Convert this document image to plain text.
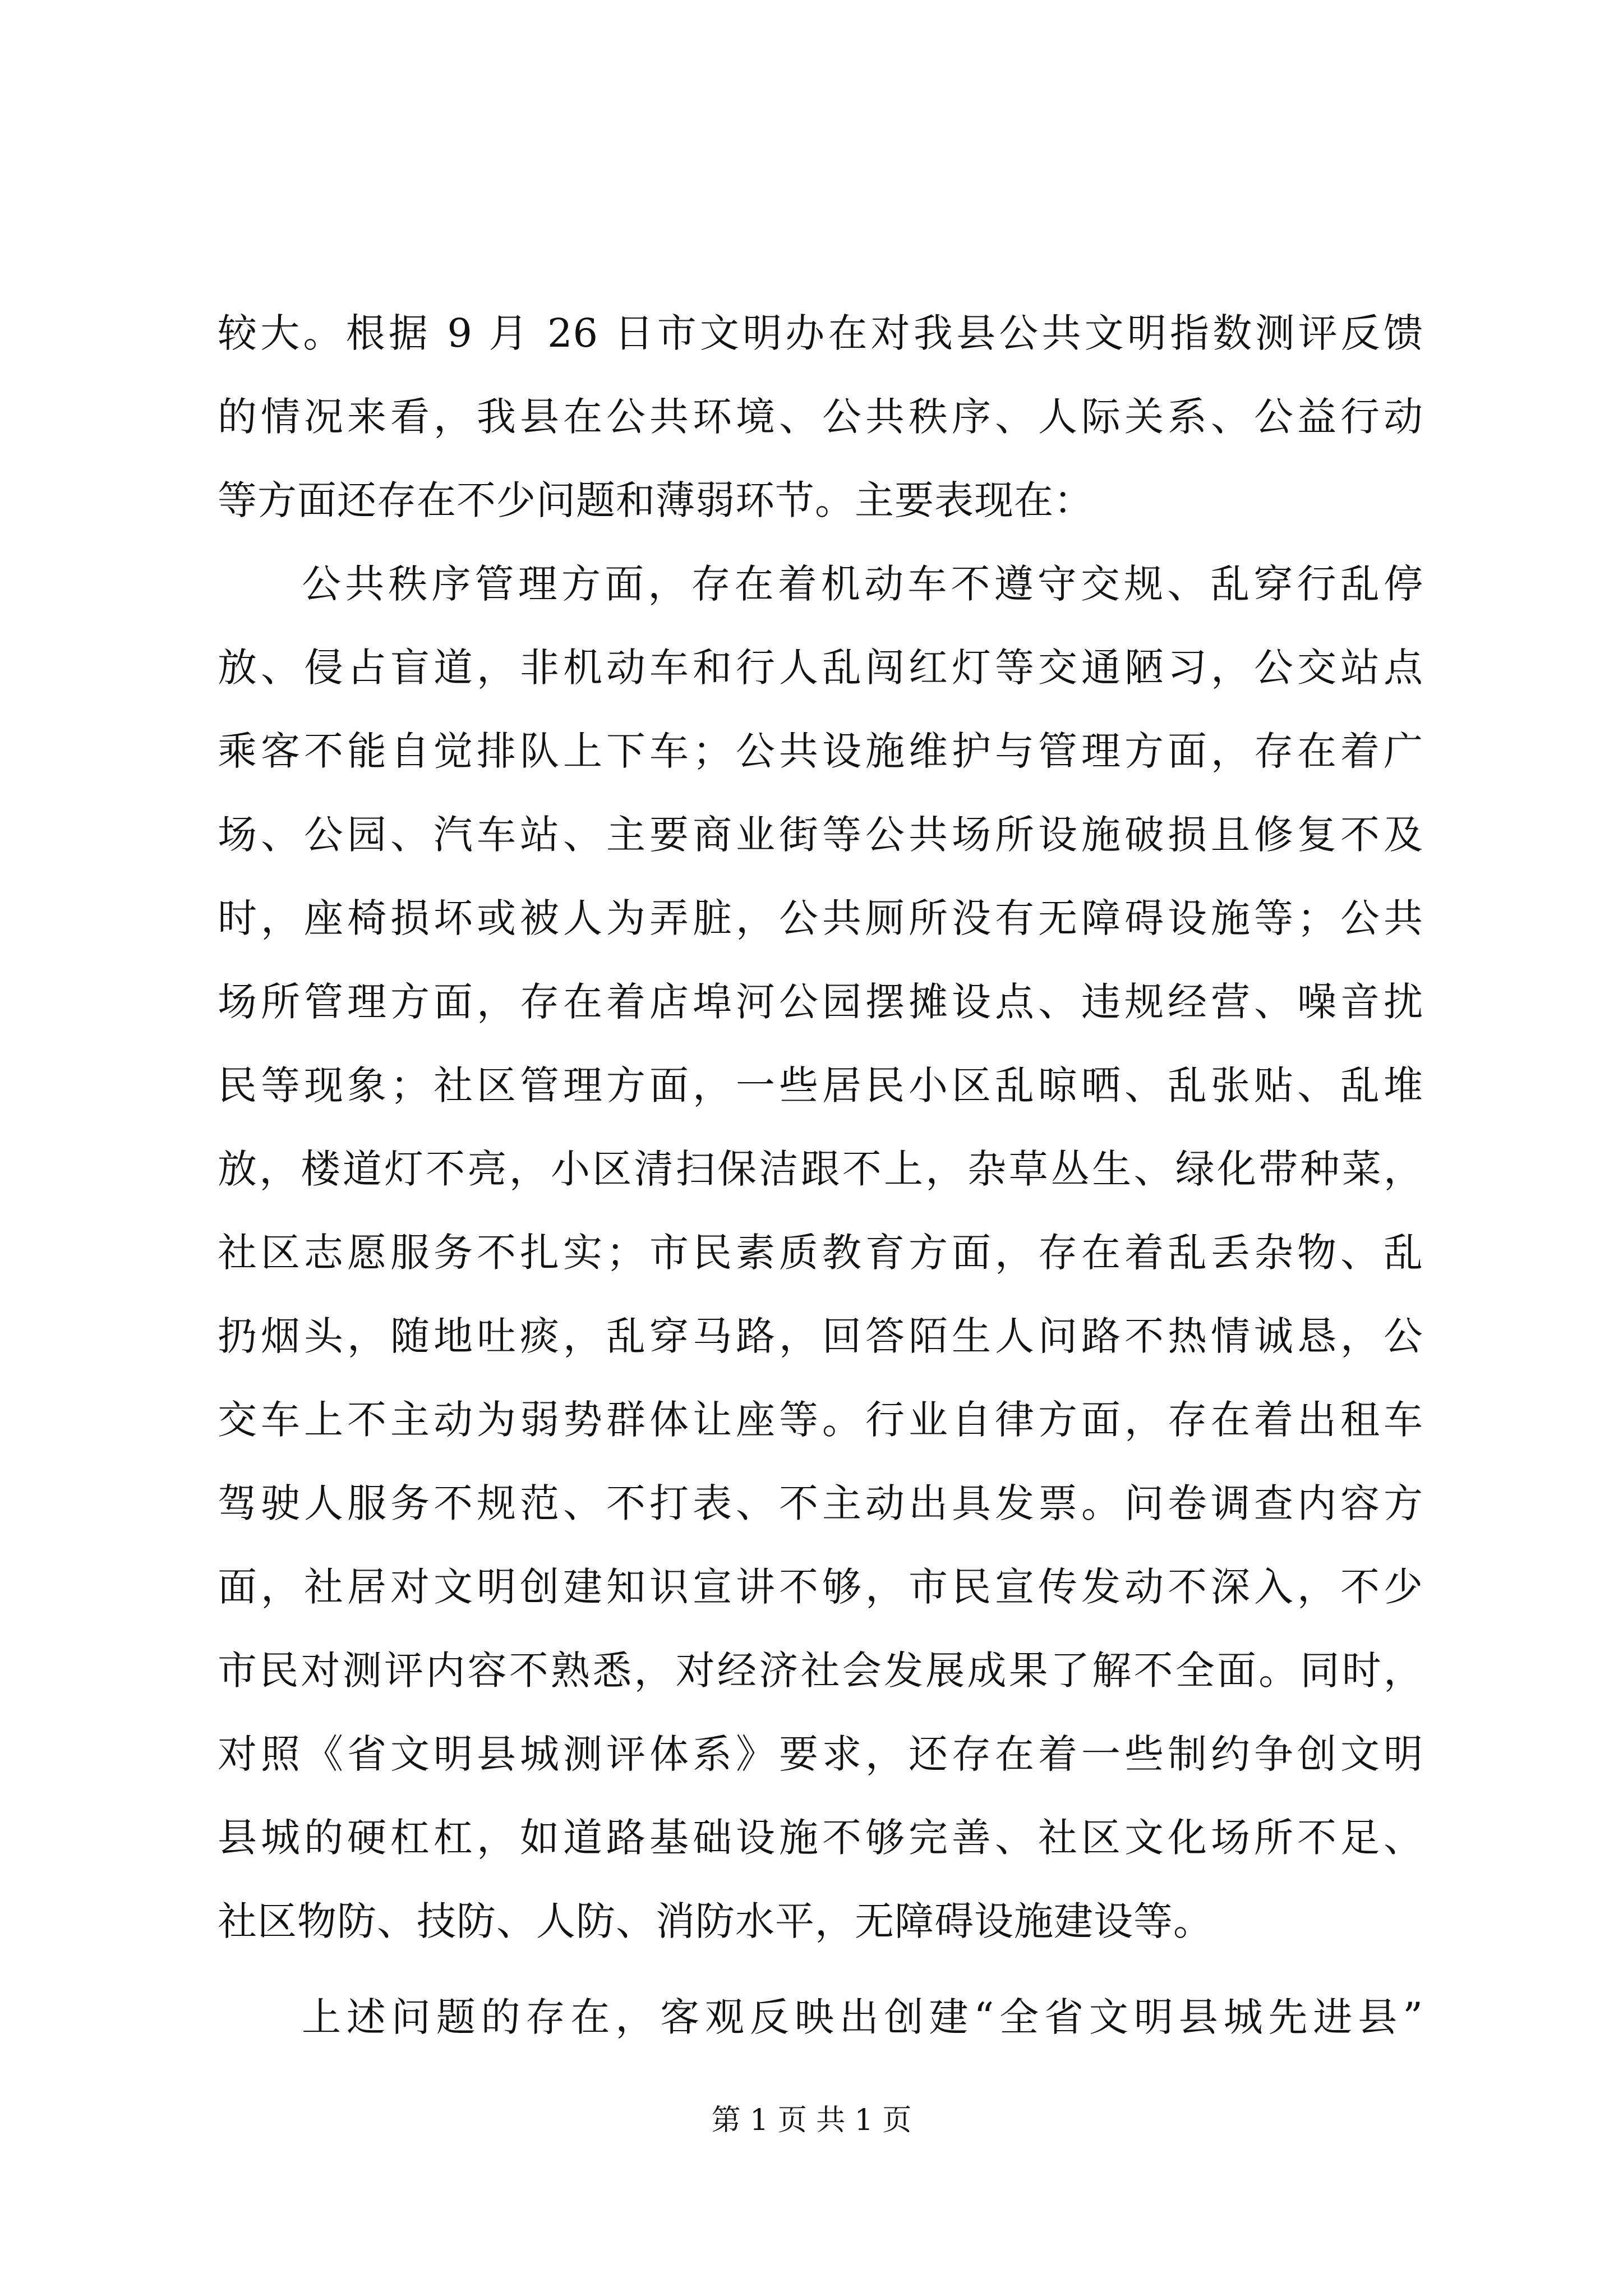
较大。根据 9 月 26 日市文明办在对我县公共文明指数测评反馈
的情况来看，我县在公共环境、公共秩序、人际关系、公益行动
等方面还存在不少问题和薄弱环节。主要表现在：
公共秩序管理方面，存在着机动车不遵守交规、乱穿行乱停
放、侵占盲道，非机动车和行人乱闯红灯等交通陋习，公交站点
乘客不能自觉排队上下车；公共设施维护与管理方面，存在着广
场、公园、汽车站、主要商业街等公共场所设施破损且修复不及
时，座椅损坏或被人为弄脏，公共厕所没有无障碍设施等；公共
场所管理方面，存在着店埠河公园摆摊设点、违规经营、噪音扰
民等现象；社区管理方面，一些居民小区乱晾晒、乱张贴、乱堆
放，楼道灯不亮，小区清扫保洁跟不上，杂草丛生、绿化带种菜，
社区志愿服务不扎实；市民素质教育方面，存在着乱丢杂物、乱
扔烟头，随地吐痰，乱穿马路，回答陌生人问路不热情诚恳，公
交车上不主动为弱势群体让座等。行业自律方面，存在着出租车
驾驶人服务不规范、不打表、不主动出具发票。问卷调查内容方
面，社居对文明创建知识宣讲不够，市民宣传发动不深入，不少
市民对测评内容不熟悉，对经济社会发展成果了解不全面。同时，
对照《省文明县城测评体系》要求，还存在着一些制约争创文明
县城的硬杠杠，如道路基础设施不够完善、社区文化场所不足、
社区物防、技防、人防、消防水平，无障碍设施建设等。
上述问题的存在，客观反映出创建“全省文明县城先进县”
第 1 页 共 1 页
